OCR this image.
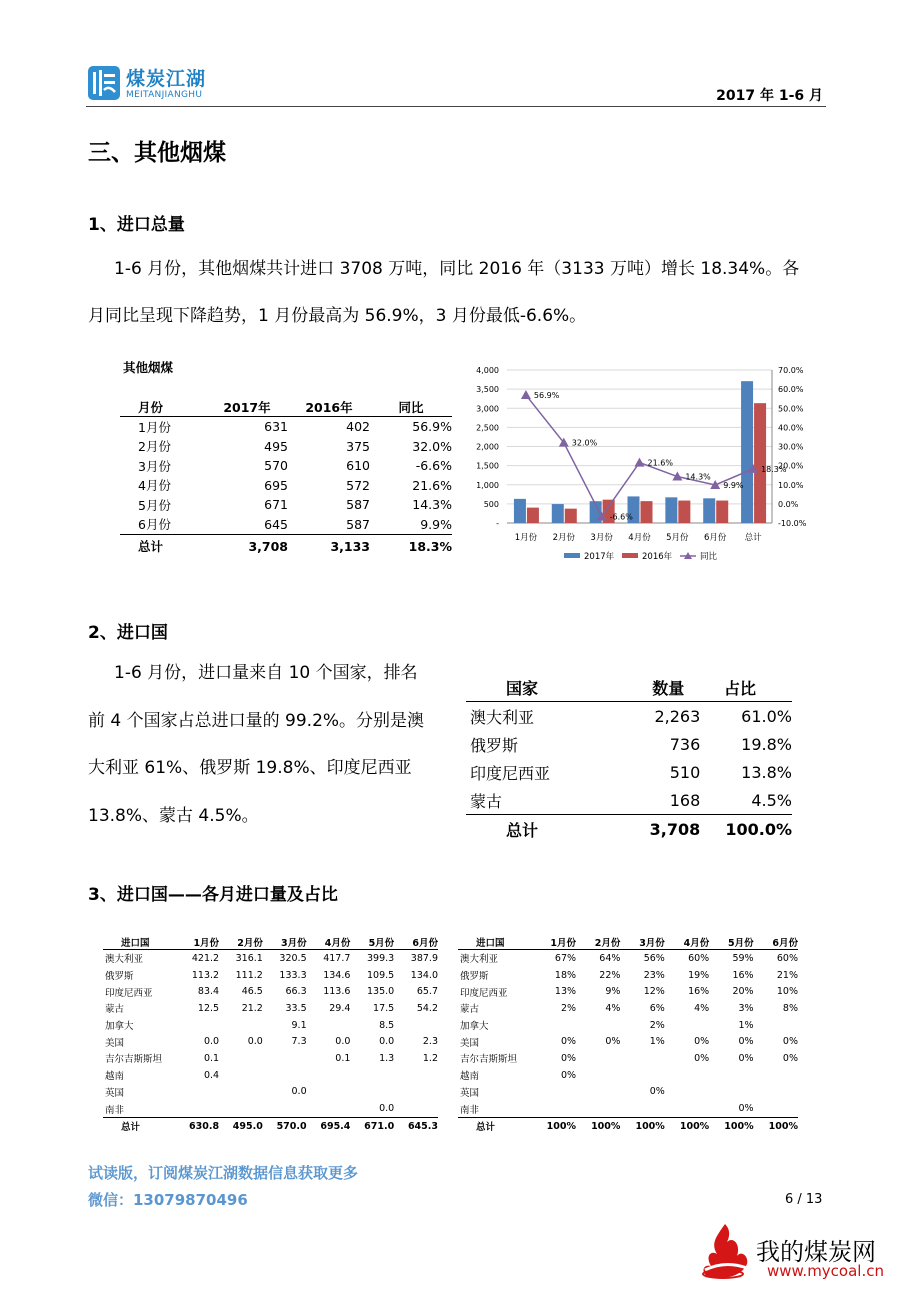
煤炭江湖
MEITANJIANGHU	2017 年 1-6 月
三、其他烟煤
1、进口总量

1-6 月份，其他烟煤共计进口 3708 万吨，同比 2016 年（3133 万吨）增长 18.34%。各
月同比呈现下降趋势，1 月份最高为 56.9%，3 月份最低-6.6%。

其他烟煤
月份	2017年	2016年	同比
1月份	631	402	56.9%
2月份	495	375	32.0%
3月份	570	610	-6.6%
4月份	695	572	21.6%
5月份	671	587	14.3%
6月份	645	587	9.9%
总计	3,708	3,133	18.3%
-
500
1,000
1,500
2,000
2,500
3,000
3,500
4,000
-10.0%
0.0%
10.0%
20.0%
30.0%
40.0%
50.0%
60.0%
70.0%
1月份 2月份 3月份 4月份 5月份 6月份 总计
56.9%
32.0%
-6.6%
21.6%
14.3%
9.9%
18.3%
2017年	2016年	同比
2、进口国
1-6 月份，进口量来自 10 个国家，排名
前 4 个国家占总进口量的 99.2%。分别是澳
大利亚 61%、俄罗斯 19.8%、印度尼西亚
13.8%、蒙古 4.5%。
国家	数量	占比
澳大利亚	2,263	61.0%
俄罗斯	736	19.8%
印度尼西亚	510	13.8%
蒙古	168	4.5%
总计	3,708	100.0%
3、进口国——各月进口量及占比
进口国	1月份	2月份	3月份	4月份	5月份	6月份
澳大利亚	421.2	316.1	320.5	417.7	399.3	387.9
俄罗斯	113.2	111.2	133.3	134.6	109.5	134.0
印度尼西亚	83.4	46.5	66.3	113.6	135.0	65.7
蒙古	12.5	21.2	33.5	29.4	17.5	54.2
加拿大			9.1		8.5	
美国	0.0	0.0	7.3	0.0	0.0	2.3
吉尔吉斯斯坦	0.1			0.1	1.3	1.2
越南	0.4					
英国			0.0			
南非					0.0	
总计	630.8	495.0	570.0	695.4	671.0	645.3
进口国	1月份	2月份	3月份	4月份	5月份	6月份
澳大利亚	67%	64%	56%	60%	59%	60%
俄罗斯	18%	22%	23%	19%	16%	21%
印度尼西亚	13%	9%	12%	16%	20%	10%
蒙古	2%	4%	6%	4%	3%	8%
加拿大			2%		1%	
美国	0%	0%	1%	0%	0%	0%
吉尔吉斯斯坦	0%			0%	0%	0%
越南	0%					
英国			0%			
南非					0%	
总计	100%	100%	100%	100%	100%	100%
试读版，订阅煤炭江湖数据信息获取更多
微信：13079870496	6 / 13
我的煤炭网
www.mycoal.cn
